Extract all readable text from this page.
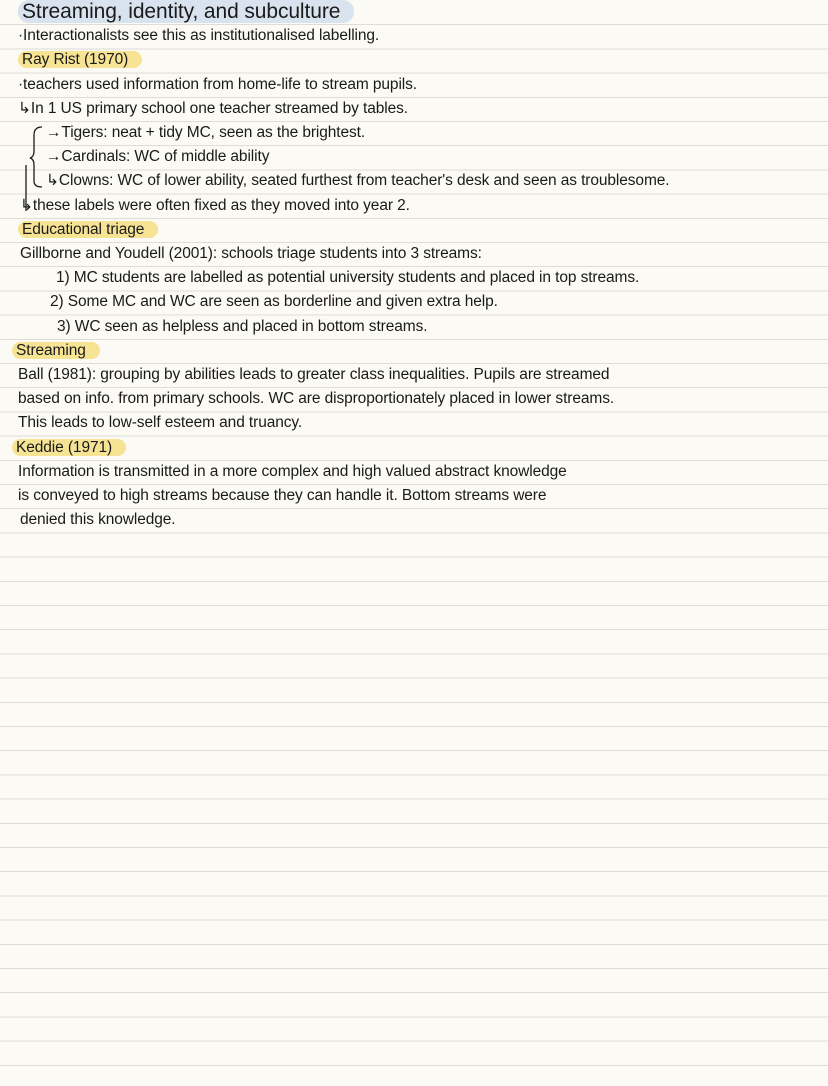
Streaming, identity, and subculture
·Interactionalists see this as institutionalised labelling.
Ray Rist (1970)
·teachers used information from home-life to stream pupils.
↳In 1 US primary school one teacher streamed by tables.
→Tigers: neat + tidy MC, seen as the brightest.
→Cardinals: WC of middle ability
↳Clowns: WC of lower ability, seated furthest from teacher's desk and seen as troublesome.
↳these labels were often fixed as they moved into year 2.
Educational triage
Gillborne and Youdell (2001): schools triage students into 3 streams:
1) MC students are labelled as potential university students and placed in top streams.
2) Some MC and WC are seen as borderline and given extra help.
3) WC seen as helpless and placed in bottom streams.
Streaming
Ball (1981): grouping by abilities leads to greater class inequalities. Pupils are streamed
based on info. from primary schools. WC are disproportionately placed in lower streams.
This leads to low-self esteem and truancy.
Keddie (1971)
Information is transmitted in a more complex and high valued abstract knowledge
is conveyed to high streams because they can handle it. Bottom streams were
denied this knowledge.
